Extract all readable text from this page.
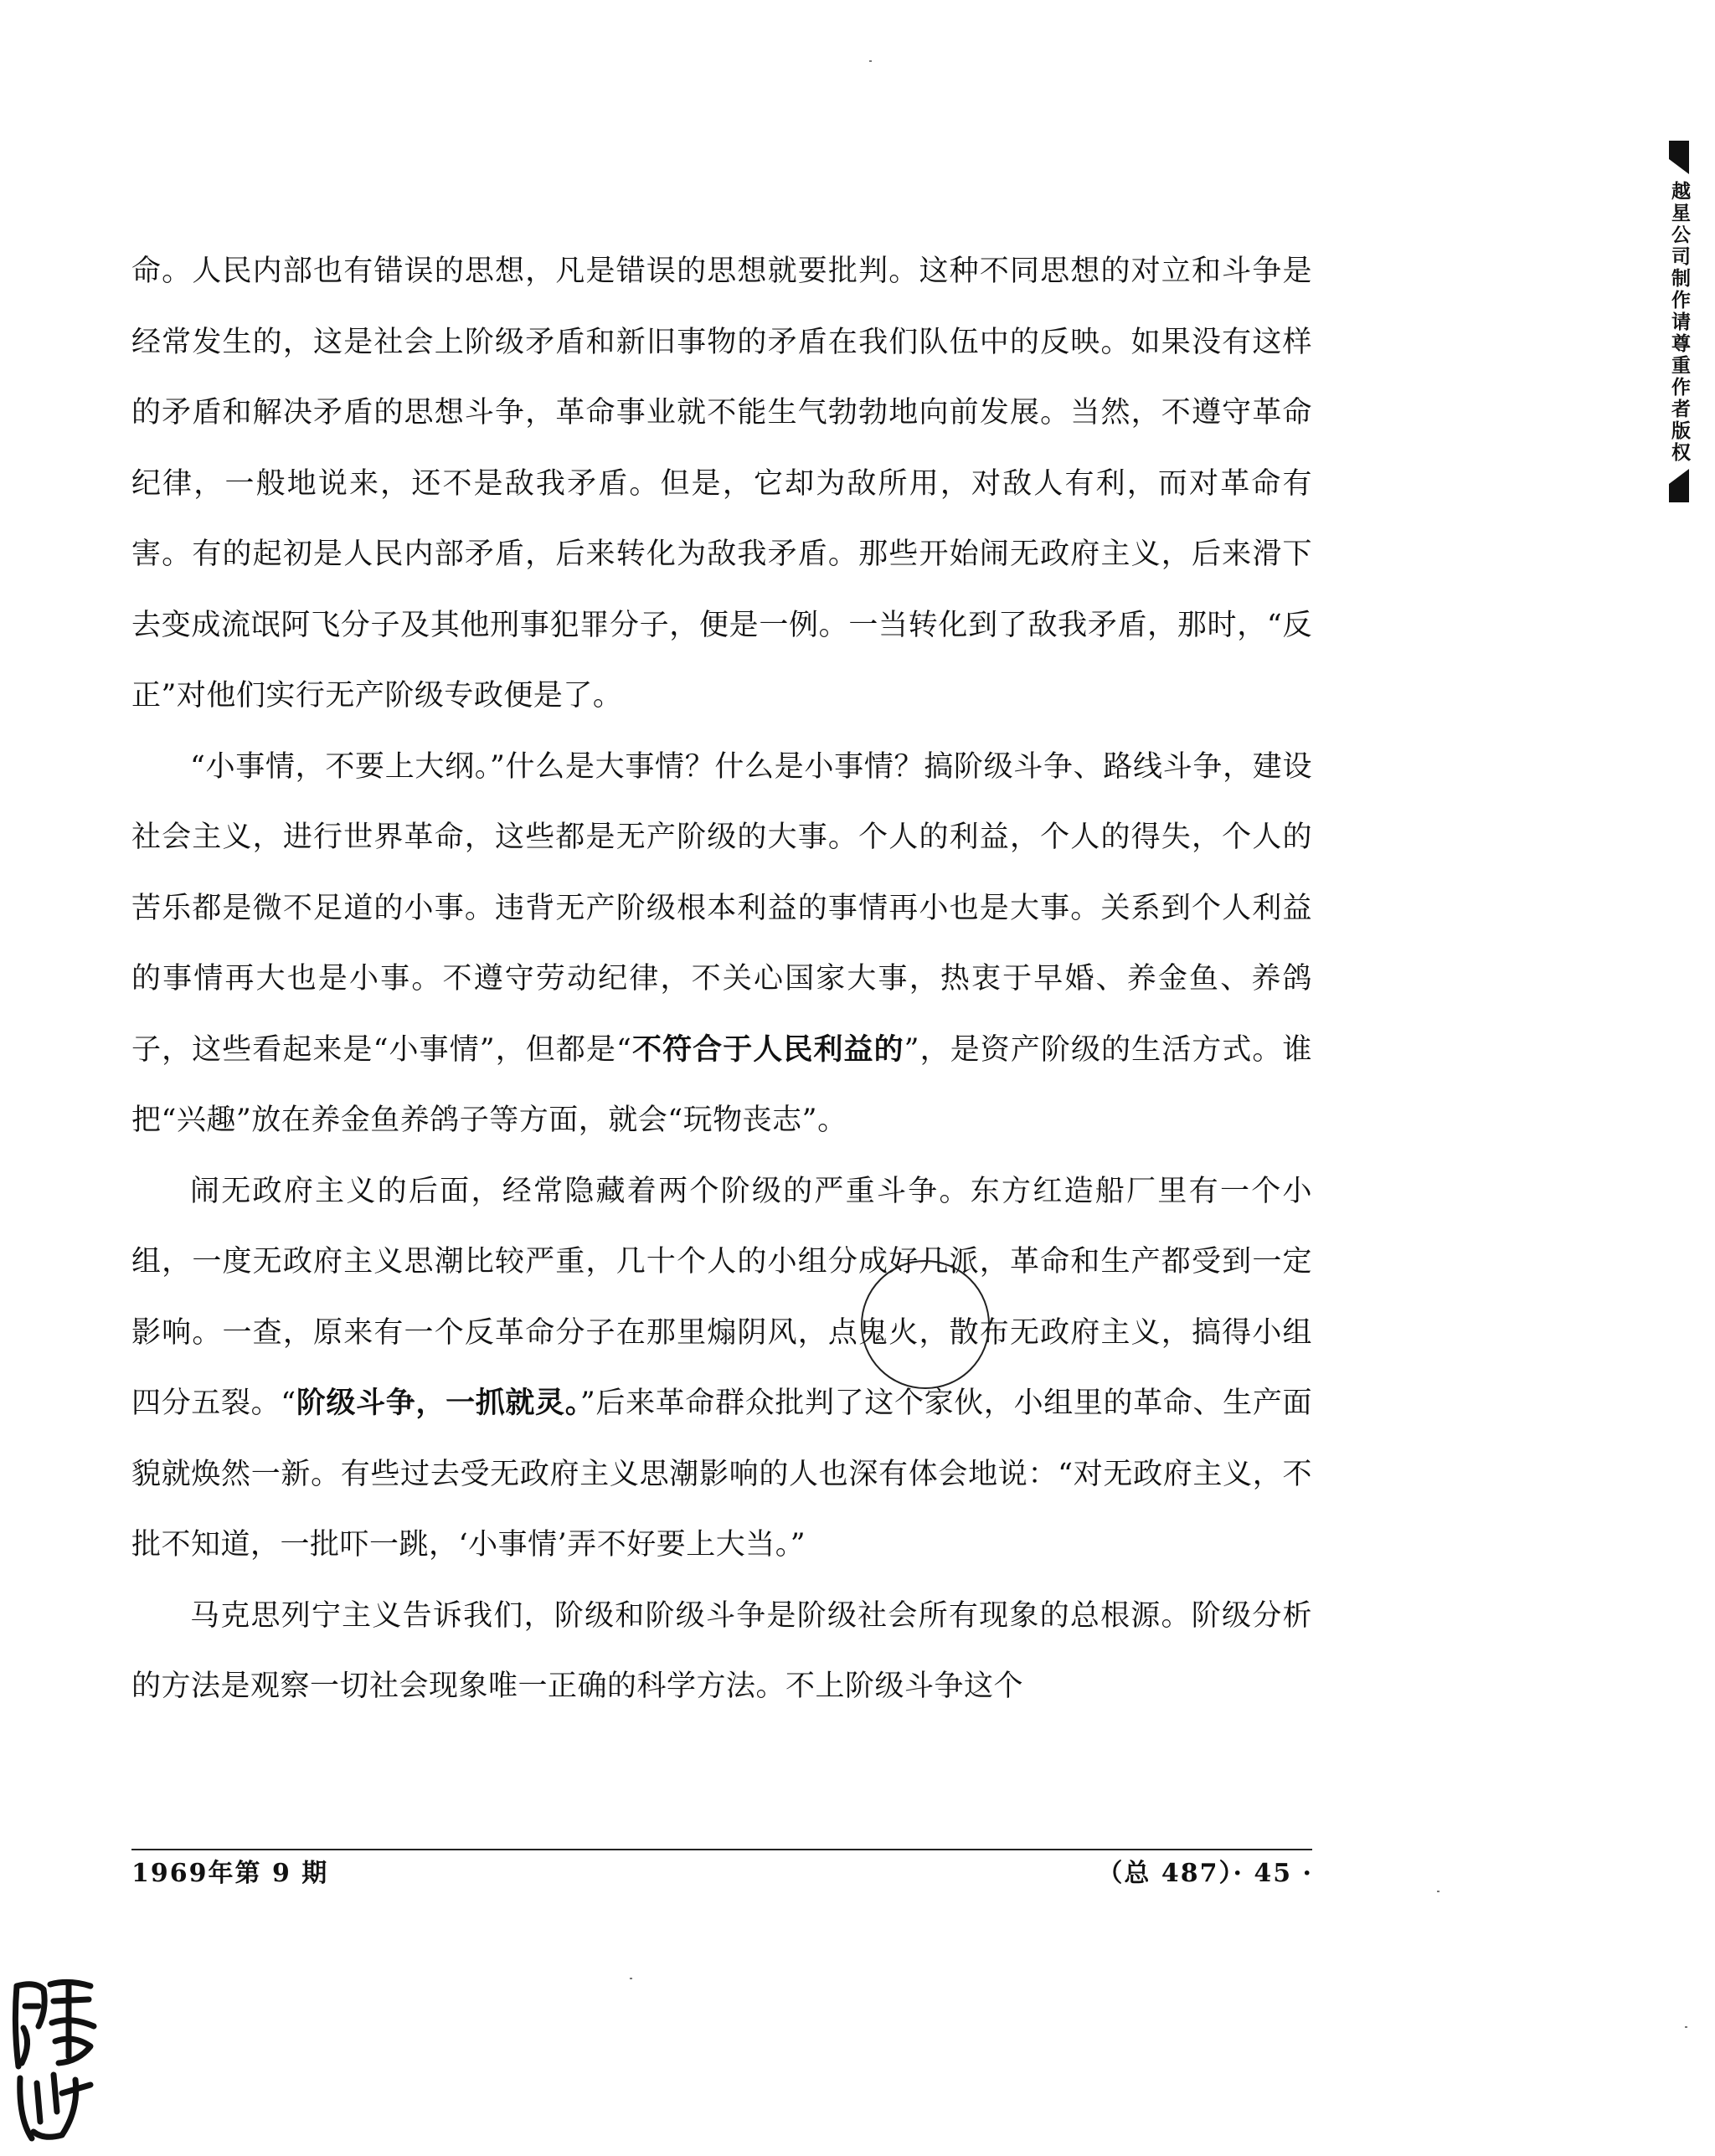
越星公司制作请尊重作者版权

命。人民内部也有错误的思想，凡是错误的思想就要批判。这种不同思想的对立和斗争是经常发生的，这是社会上阶级矛盾和新旧事物的矛盾在我们队伍中的反映。如果没有这样的矛盾和解决矛盾的思想斗争，革命事业就不能生气勃勃地向前发展。当然，不遵守革命纪律，一般地说来，还不是敌我矛盾。但是，它却为敌所用，对敌人有利，而对革命有害。有的起初是人民内部矛盾，后来转化为敌我矛盾。那些开始闹无政府主义，后来滑下去变成流氓阿飞分子及其他刑事犯罪分子，便是一例。一当转化到了敌我矛盾，那时，“反正”对他们实行无产阶级专政便是了。

“小事情，不要上大纲。”什么是大事情？什么是小事情？搞阶级斗争、路线斗争，建设社会主义，进行世界革命，这些都是无产阶级的大事。个人的利益，个人的得失，个人的苦乐都是微不足道的小事。违背无产阶级根本利益的事情再小也是大事。关系到个人利益的事情再大也是小事。不遵守劳动纪律，不关心国家大事，热衷于早婚、养金鱼、养鸽子，这些看起来是“小事情”，但都是“不符合于人民利益的”，是资产阶级的生活方式。谁把“兴趣”放在养金鱼养鸽子等方面，就会“玩物丧志”。

闹无政府主义的后面，经常隐藏着两个阶级的严重斗争。东方红造船厂里有一个小组，一度无政府主义思潮比较严重，几十个人的小组分成好几派，革命和生产都受到一定影响。一查，原来有一个反革命分子在那里煽阴风，点鬼火，散布无政府主义，搞得小组四分五裂。“阶级斗争，一抓就灵。”后来革命群众批判了这个家伙，小组里的革命、生产面貌就焕然一新。有些过去受无政府主义思潮影响的人也深有体会地说：“对无政府主义，不批不知道，一批吓一跳，‘小事情’弄不好要上大当。”

马克思列宁主义告诉我们，阶级和阶级斗争是阶级社会所有现象的总根源。阶级分析的方法是观察一切社会现象唯一正确的科学方法。不上阶级斗争这个

1969年第 9 期	（总 487）· 45 ·
